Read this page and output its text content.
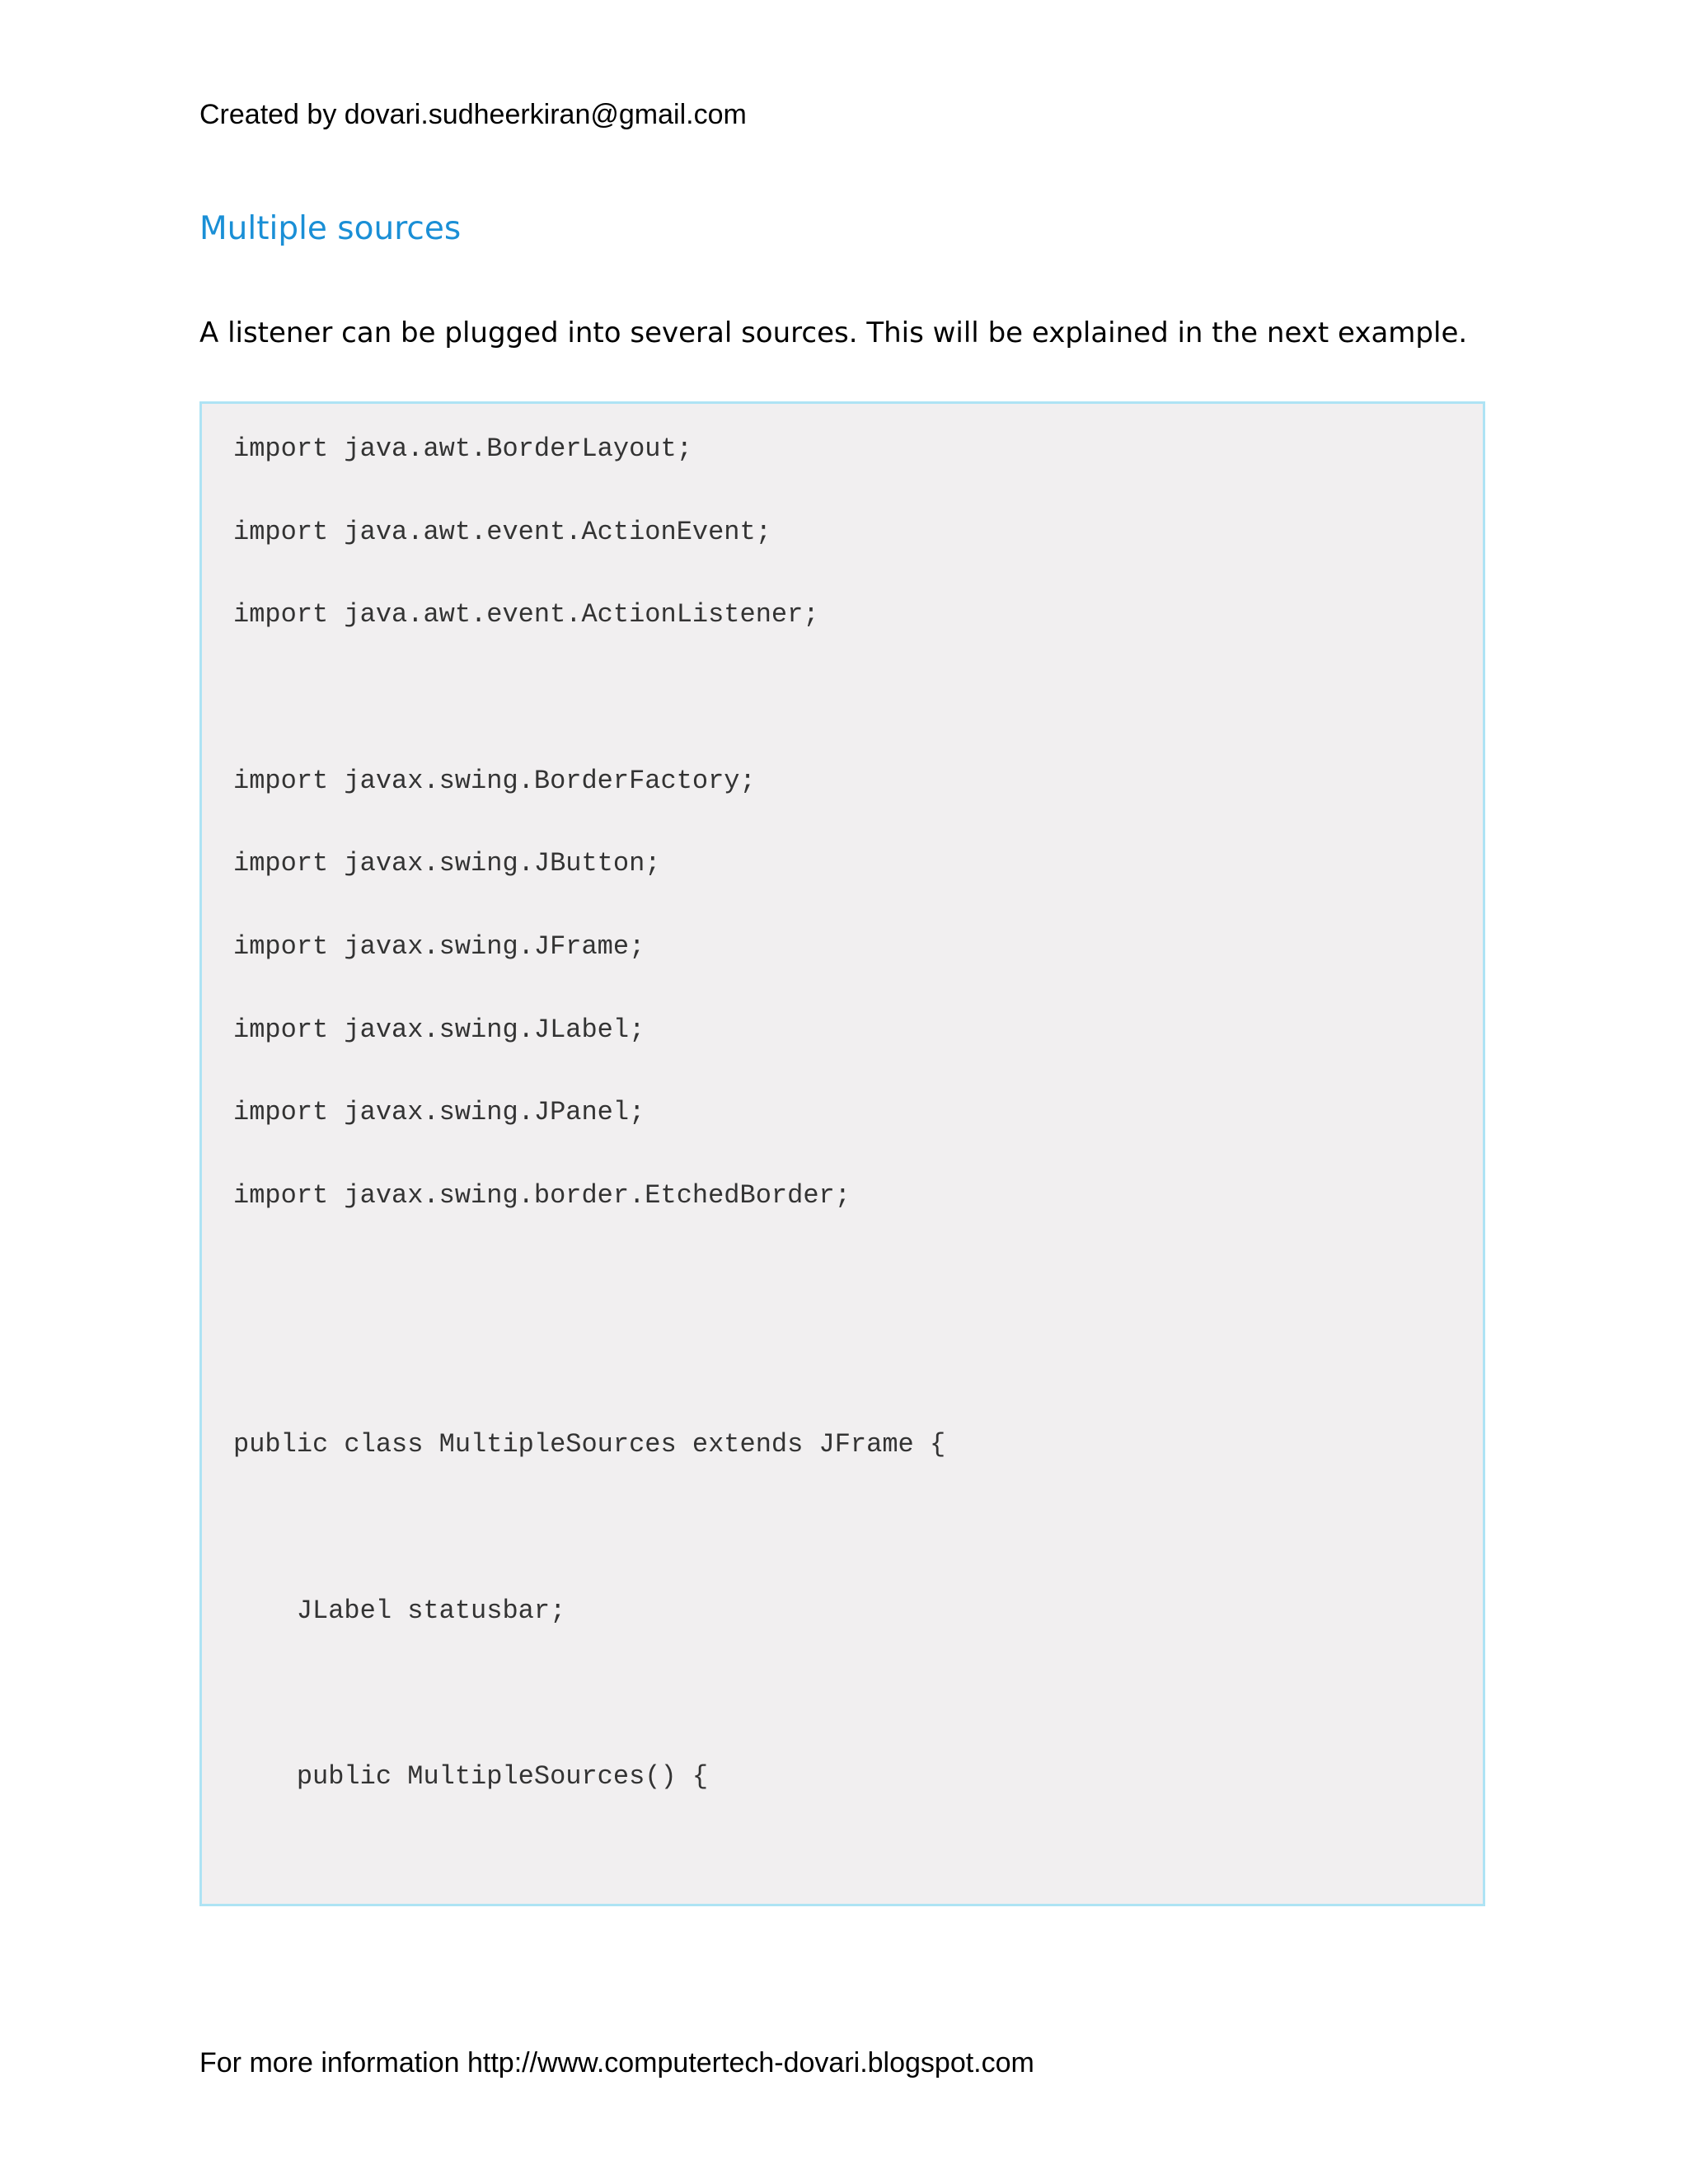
Created by dovari.sudheerkiran@gmail.com
Multiple sources
A listener can be plugged into several sources. This will be explained in the next example.
import java.awt.BorderLayout;
import java.awt.event.ActionEvent;
import java.awt.event.ActionListener;
import javax.swing.BorderFactory;
import javax.swing.JButton;
import javax.swing.JFrame;
import javax.swing.JLabel;
import javax.swing.JPanel;
import javax.swing.border.EtchedBorder;
public class MultipleSources extends JFrame {
JLabel statusbar;
public MultipleSources() {
For more information http://www.computertech-dovari.blogspot.com
